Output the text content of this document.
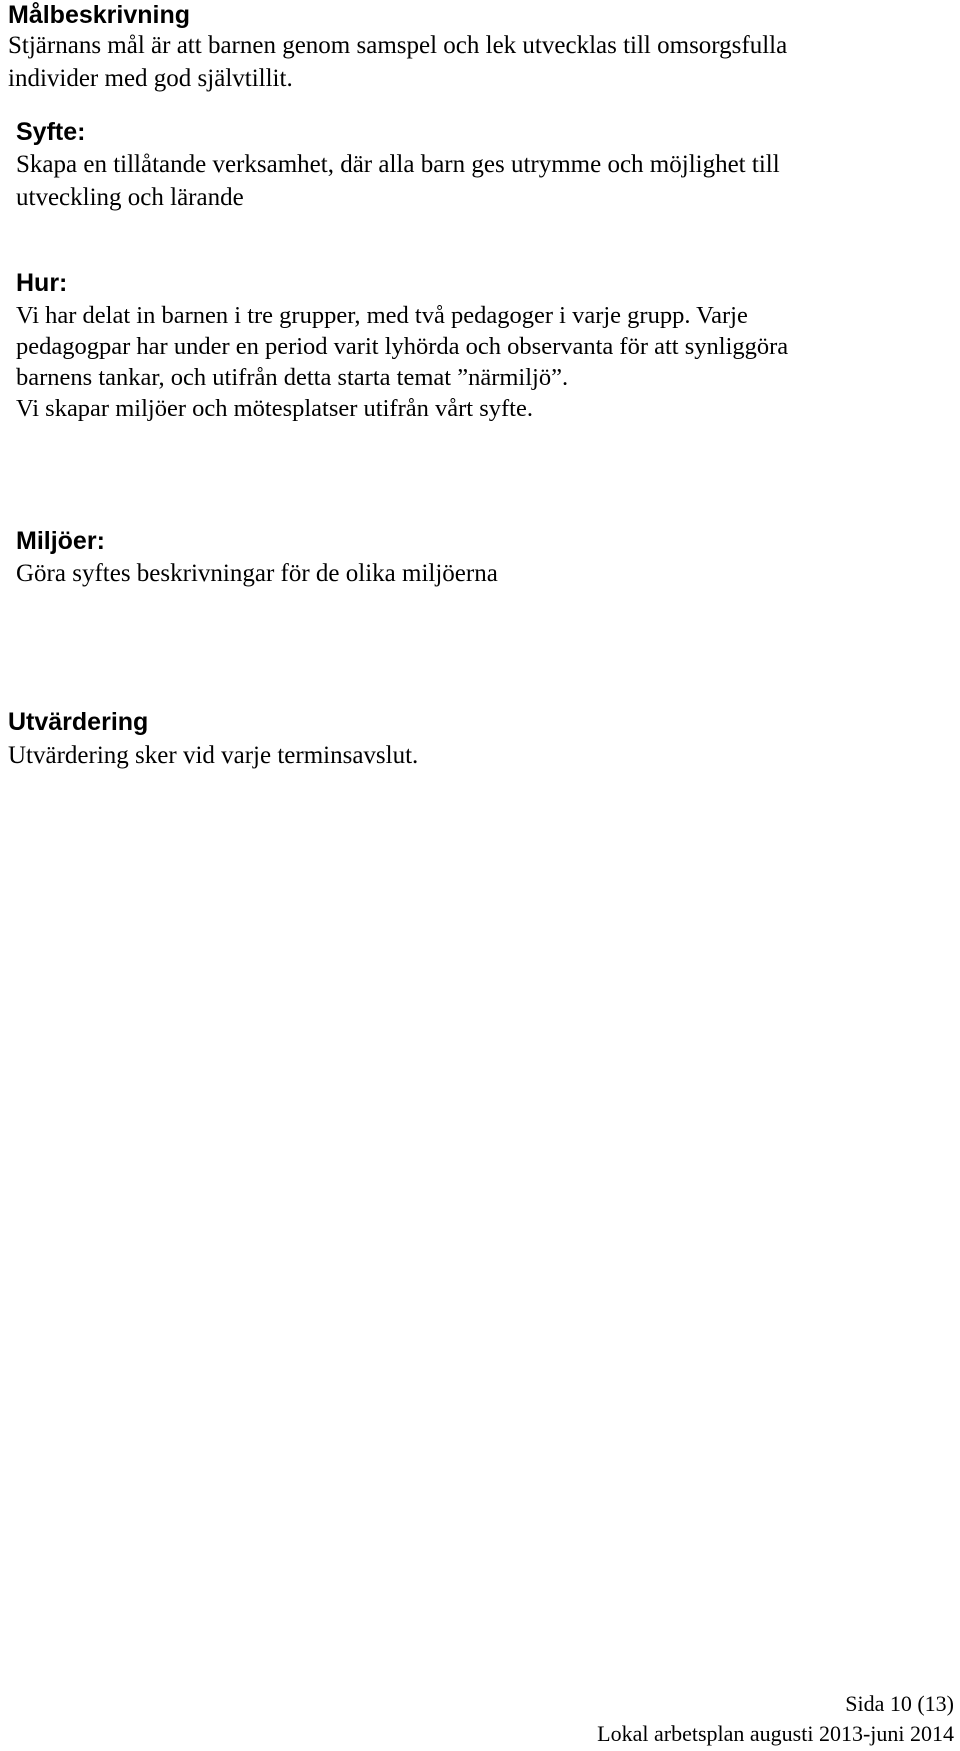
Målbeskrivning
Stjärnans mål är att barnen genom samspel och lek utvecklas till omsorgsfulla
individer med god självtillit.
Syfte:
Skapa en tillåtande verksamhet, där alla barn ges utrymme och möjlighet till
utveckling och lärande
Hur:
Vi har delat in barnen i tre grupper, med två pedagoger i varje grupp. Varje
pedagogpar har under en period varit lyhörda och observanta för att synliggöra
barnens tankar, och utifrån detta starta temat ”närmiljö”.
Vi skapar miljöer och mötesplatser utifrån vårt syfte.
Miljöer:
Göra syftes beskrivningar för de olika miljöerna
Utvärdering
Utvärdering sker vid varje terminsavslut.
Sida 10 (13)
Lokal arbetsplan augusti 2013-juni 2014
